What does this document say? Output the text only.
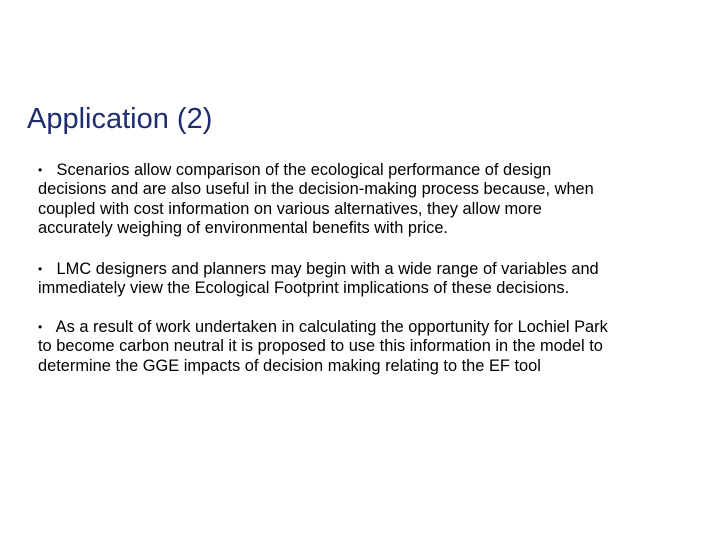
Application (2)
• Scenarios allow comparison of the ecological performance of design
decisions and are also useful in the decision-making process because, when
coupled with cost information on various alternatives, they allow more
accurately weighing of environmental benefits with price.
• LMC designers and planners may begin with a wide range of variables and
immediately view the Ecological Footprint implications of these decisions.
• As a result of work undertaken in calculating the opportunity for Lochiel Park
to become carbon neutral it is proposed to use this information in the model to
determine the GGE impacts of decision making relating to the EF tool
